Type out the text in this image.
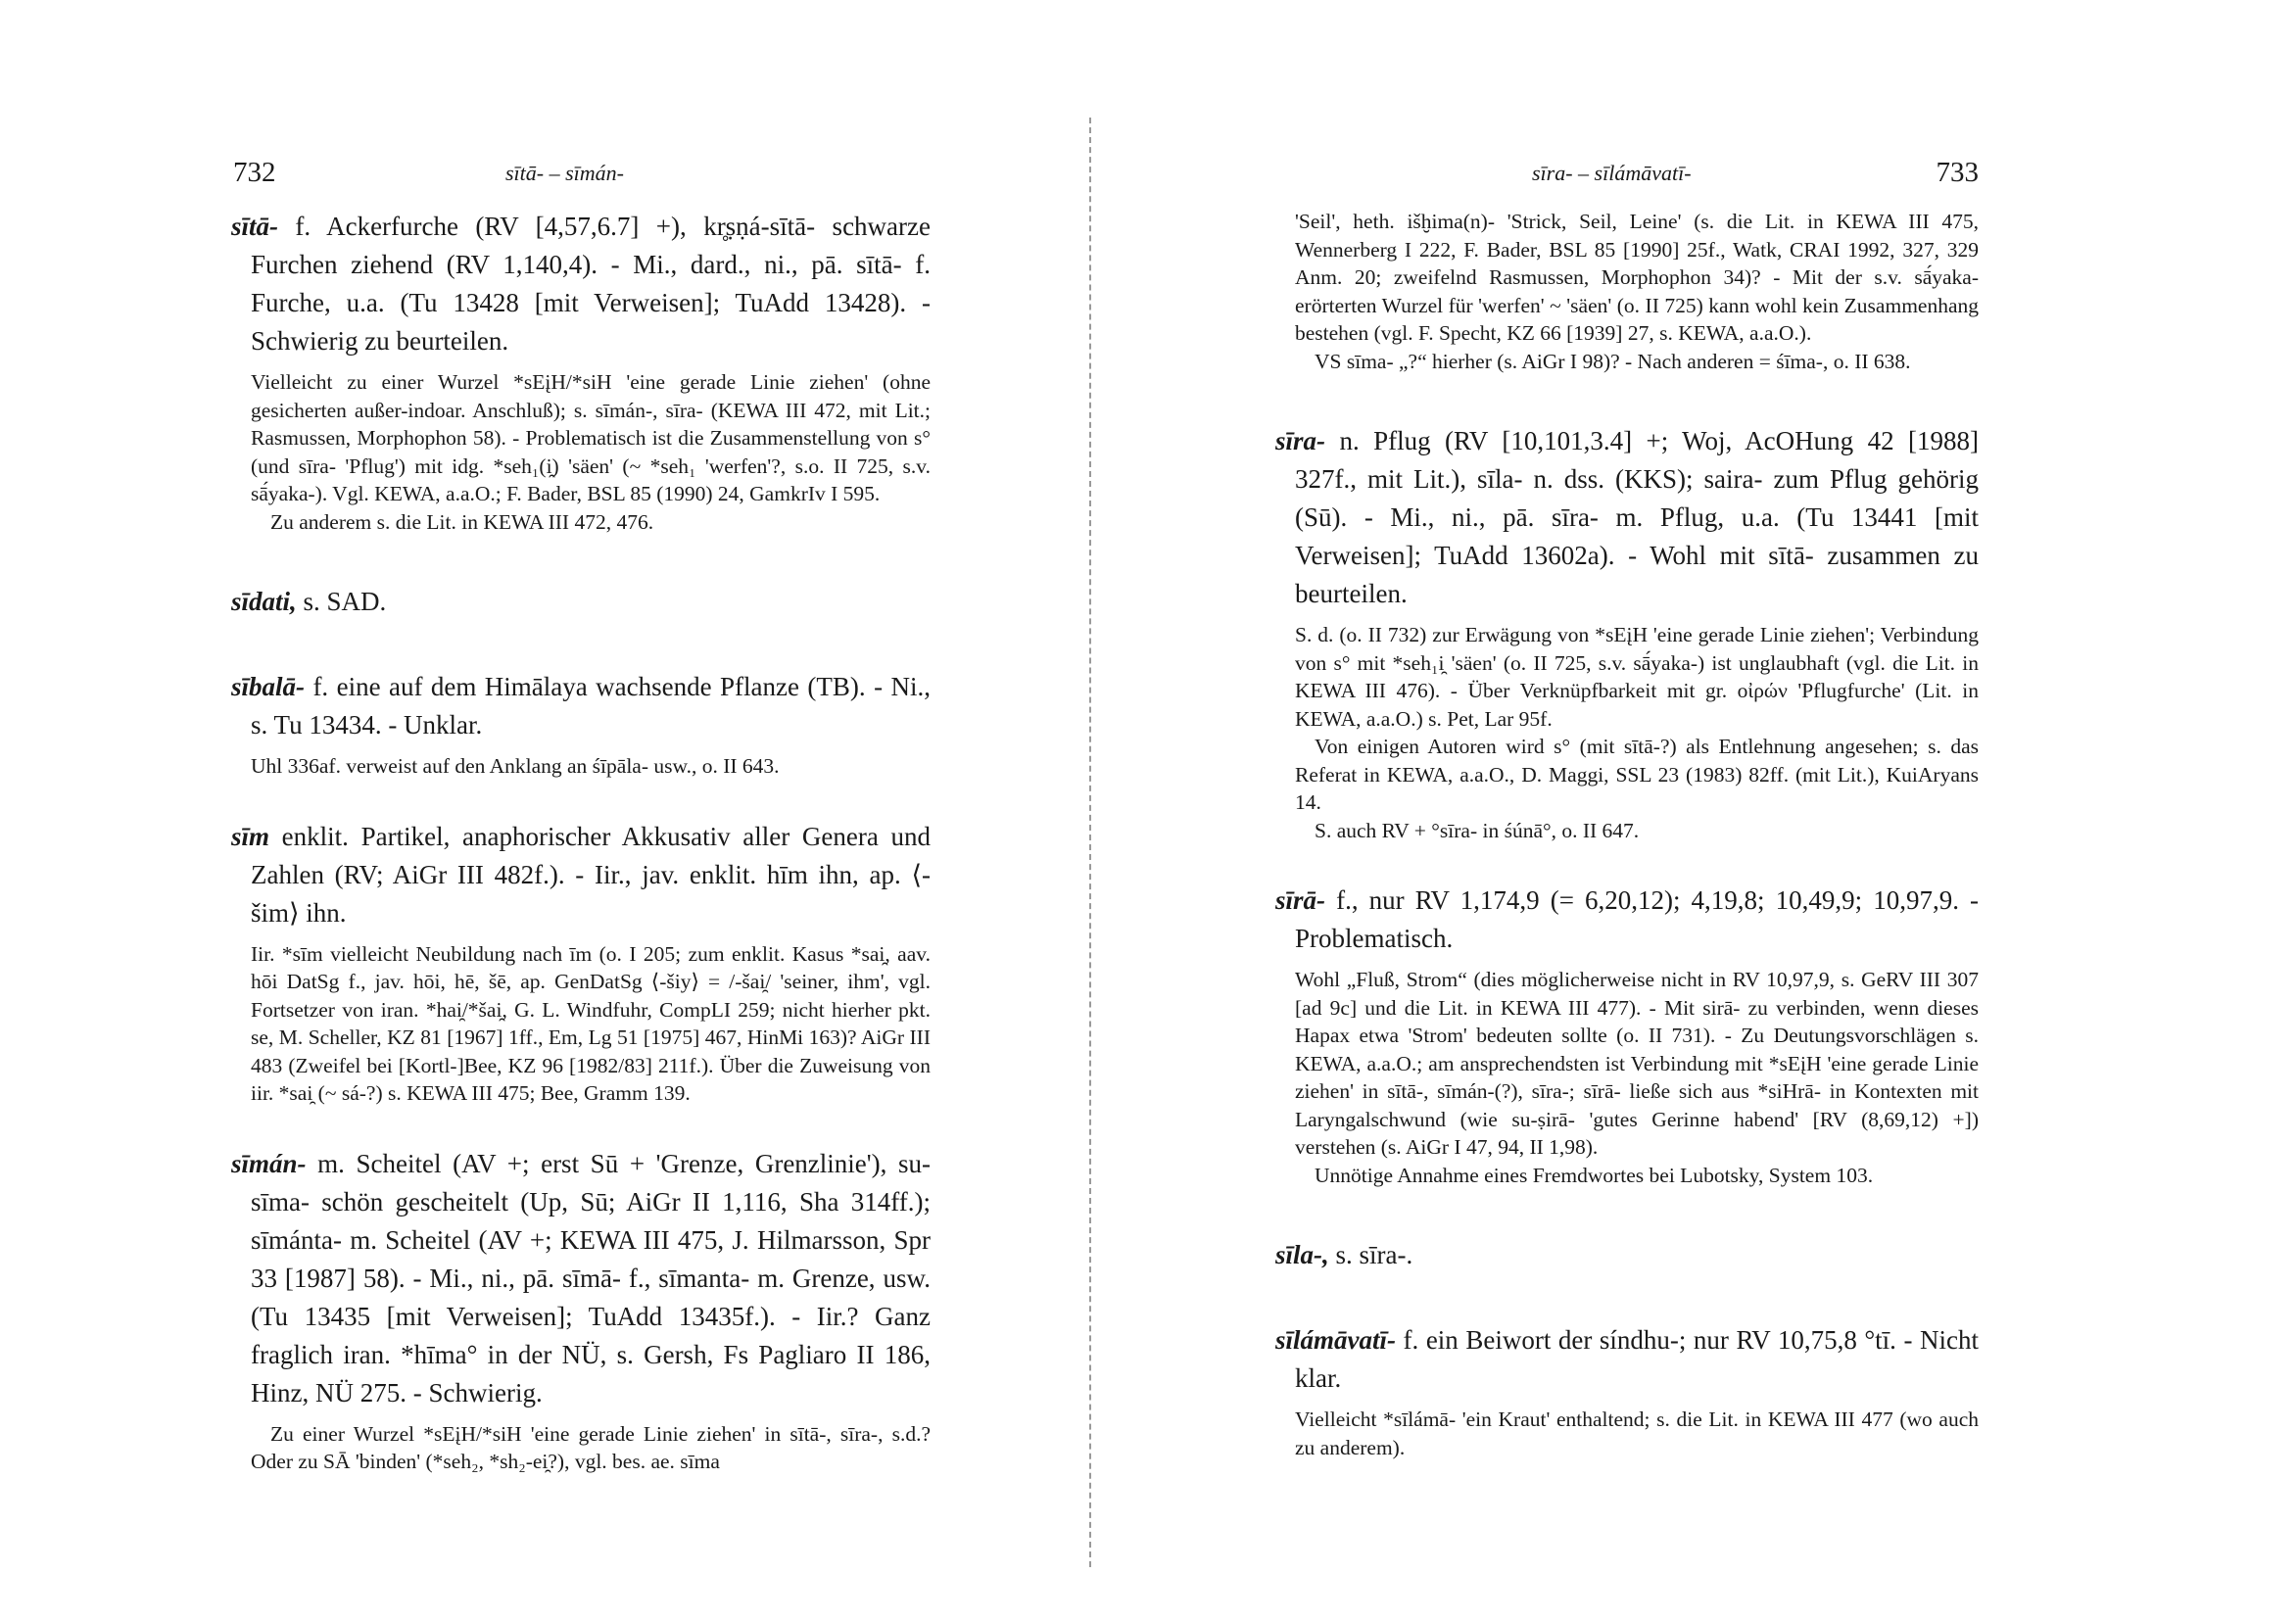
732	sītā- – sīmán-
sītā- f. Ackerfurche (RV [4,57,6.7] +), kr̥ṣṇá-sītā- schwarze Furchen ziehend (RV 1,140,4). - Mi., dard., ni., pā. sītā- f. Furche, u.a. (Tu 13428 [mit Verweisen]; TuAdd 13428). - Schwierig zu beurteilen.

Vielleicht zu einer Wurzel *sEįH/*siH 'eine gerade Linie ziehen' (ohne gesicherten außer-indoar. Anschluß); s. sīmán-, sīra- (KEWA III 472, mit Lit.; Rasmussen, Morphophon 58). - Problematisch ist die Zusammenstellung von s° (und sīra- 'Pflug') mit idg. *seh₁(i̯) 'säen' (~ *seh₁ 'werfen'?, s.o. II 725, s.v. sā́yaka-). Vgl. KEWA, a.a.O.; F. Bader, BSL 85 (1990) 24, GamkrIv I 595.

Zu anderem s. die Lit. in KEWA III 472, 476.

sīdati, s. SAD.
sībalā- f. eine auf dem Himālaya wachsende Pflanze (TB). - Ni., s. Tu 13434. - Unklar.

Uhl 336af. verweist auf den Anklang an śīpāla- usw., o. II 643.

sīm enklit. Partikel, anaphorischer Akkusativ aller Genera und Zahlen (RV; AiGr III 482f.). - Iir., jav. enklit. hīm ihn, ap. ⟨-šim⟩ ihn.

Iir. *sīm vielleicht Neubildung nach īm (o. I 205; zum enklit. Kasus *sai̯, aav. hōi DatSg f., jav. hōi, hē, šē, ap. GenDatSg ⟨-šiy⟩ = /-šai̯/ 'seiner, ihm', vgl. Fortsetzer von iran. *hai̯/*šai̯, G. L. Windfuhr, CompLI 259; nicht hierher pkt. se, M. Scheller, KZ 81 [1967] 1ff., Em, Lg 51 [1975] 467, HinMi 163)? AiGr III 483 (Zweifel bei [Kortl-]Bee, KZ 96 [1982/83] 211f.). Über die Zuweisung von iir. *sai̯ (~ sá-?) s. KEWA III 475; Bee, Gramm 139.

sīmán- m. Scheitel (AV +; erst Sū + 'Grenze, Grenzlinie'), su-sīma- schön gescheitelt (Up, Sū; AiGr II 1,116, Sha 314ff.); sīmánta- m. Scheitel (AV +; KEWA III 475, J. Hilmarsson, Spr 33 [1987] 58). - Mi., ni., pā. sīmā- f., sīmanta- m. Grenze, usw. (Tu 13435 [mit Verweisen]; TuAdd 13435f.). - Iir.? Ganz fraglich iran. *hīma° in der NÜ, s. Gersh, Fs Pagliaro II 186, Hinz, NÜ 275. - Schwierig.

Zu einer Wurzel *sEįH/*siH 'eine gerade Linie ziehen' in sītā-, sīra-, s.d.? Oder zu SĀ 'binden' (*seh₂, *sh₂-ei̯?), vgl. bes. ae. sīma

sīra- – sīlámāvatī-	733

'Seil', heth. išḫima(n)- 'Strick, Seil, Leine' (s. die Lit. in KEWA III 475, Wennerberg I 222, F. Bader, BSL 85 [1990] 25f., Watk, CRAI 1992, 327, 329 Anm. 20; zweifelnd Rasmussen, Morphophon 34)? - Mit der s.v. sā́yaka- erörterten Wurzel für 'werfen' ~ 'säen' (o. II 725) kann wohl kein Zusammenhang bestehen (vgl. F. Specht, KZ 66 [1939] 27, s. KEWA, a.a.O.).

VS sīma- „?“ hierher (s. AiGr I 98)? - Nach anderen = śīma-, o. II 638.

sīra- n. Pflug (RV [10,101,3.4] +; Woj, AcOHung 42 [1988] 327f., mit Lit.), sīla- n. dss. (KKS); saira- zum Pflug gehörig (Sū). - Mi., ni., pā. sīra- m. Pflug, u.a. (Tu 13441 [mit Verweisen]; TuAdd 13602a). - Wohl mit sītā- zusammen zu beurteilen.

S. d. (o. II 732) zur Erwägung von *sEįH 'eine gerade Linie ziehen'; Verbindung von s° mit *seh₁i̯ 'säen' (o. II 725, s.v. sā́yaka-) ist unglaubhaft (vgl. die Lit. in KEWA III 476). - Über Verknüpfbarkeit mit gr. οἰρών 'Pflugfurche' (Lit. in KEWA, a.a.O.) s. Pet, Lar 95f.

Von einigen Autoren wird s° (mit sītā-?) als Entlehnung angesehen; s. das Referat in KEWA, a.a.O., D. Maggi, SSL 23 (1983) 82ff. (mit Lit.), KuiAryans 14.

S. auch RV + °sīra- in śúnā°, o. II 647.

sīrā- f., nur RV 1,174,9 (= 6,20,12); 4,19,8; 10,49,9; 10,97,9. - Problematisch.

Wohl „Fluß, Strom“ (dies möglicherweise nicht in RV 10,97,9, s. GeRV III 307 [ad 9c] und die Lit. in KEWA III 477). - Mit sirā- zu verbinden, wenn dieses Hapax etwa 'Strom' bedeuten sollte (o. II 731). - Zu Deutungsvorschlägen s. KEWA, a.a.O.; am ansprechendsten ist Verbindung mit *sEįH 'eine gerade Linie ziehen' in sītā-, sīmán-(?), sīra-; sīrā- ließe sich aus *siHrā- in Kontexten mit Laryngalschwund (wie su-ṣirā- 'gutes Gerinne habend' [RV (8,69,12) +]) verstehen (s. AiGr I 47, 94, II 1,98).

Unnötige Annahme eines Fremdwortes bei Lubotsky, System 103.

sīla-, s. sīra-.
sīlámāvatī- f. ein Beiwort der síndhu-; nur RV 10,75,8 °tī. - Nicht klar.

Vielleicht *sīlámā- 'ein Kraut' enthaltend; s. die Lit. in KEWA III 477 (wo auch zu anderem).
